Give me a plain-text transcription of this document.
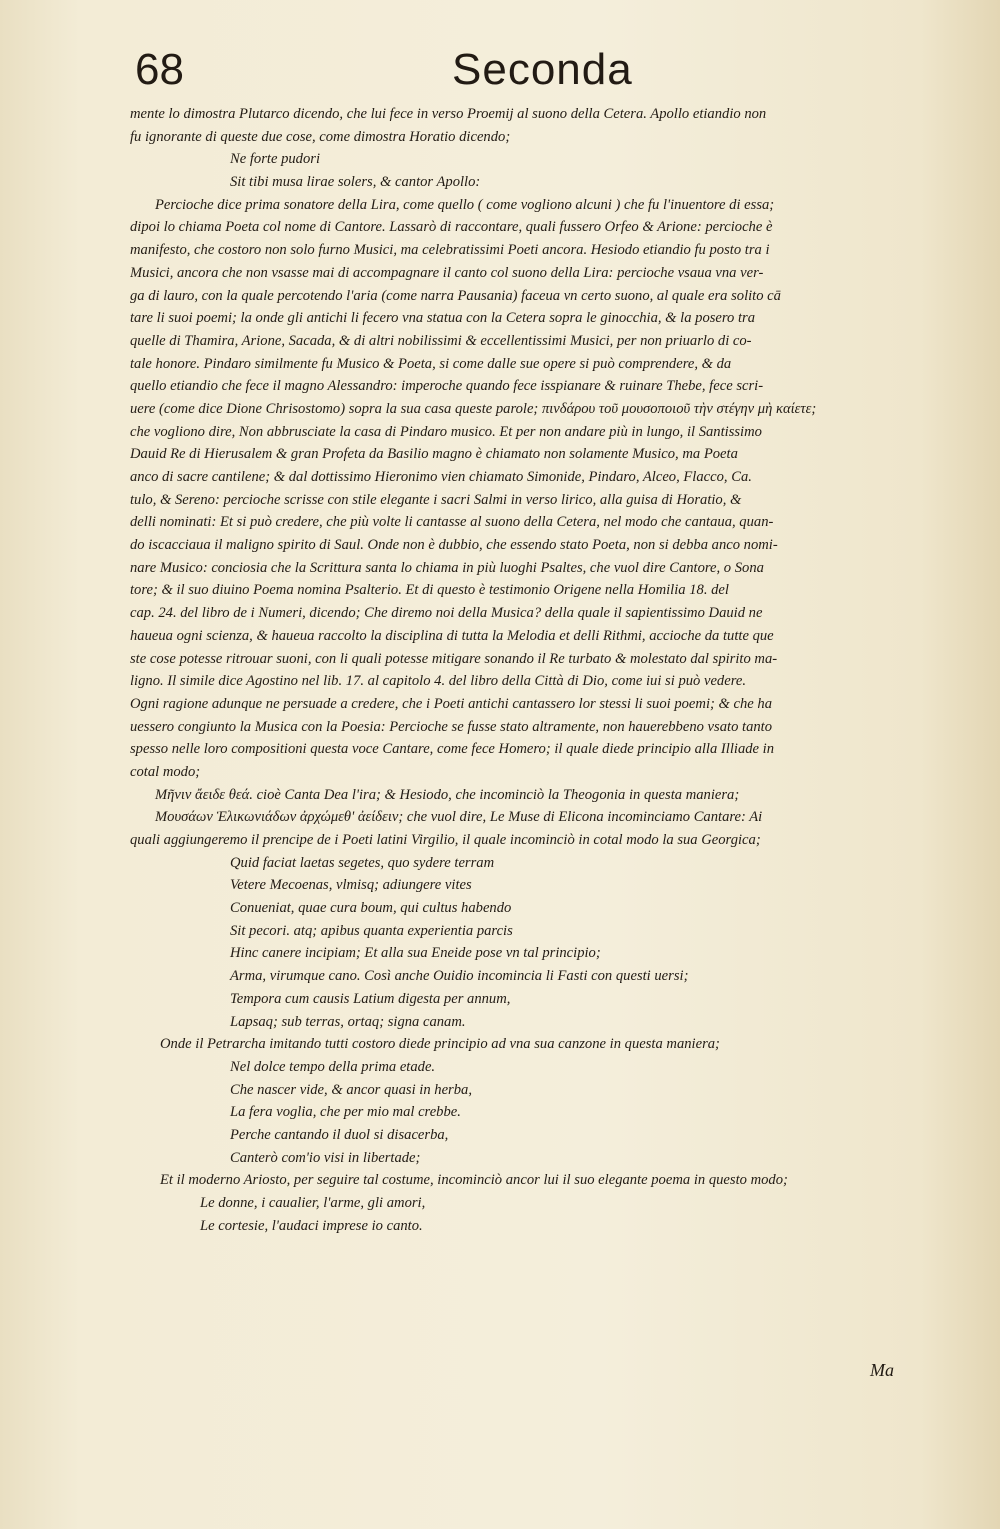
68	Seconda
mente lo dimostra Plutarco dicendo, che lui fece in verso Proemij al suono della Cetera. Apollo etiandio non
fu ignorante di queste due cose, come dimostra Horatio dicendo;
Ne forte pudori
Sit tibi musa lirae solers, & cantor Apollo:
Percioche dice prima sonatore della Lira, come quello ( come vogliono alcuni ) che fu l'inuentore di essa;
dipoi lo chiama Poeta col nome di Cantore. Lassarò di raccontare, quali fussero Orfeo & Arione: percioche è
manifesto, che costoro non solo furno Musici, ma celebratissimi Poeti ancora. Hesiodo etiandio fu posto tra i
Musici, ancora che non vsasse mai di accompagnare il canto col suono della Lira: percioche vsaua vna ver-
ga di lauro, con la quale percotendo l'aria (come narra Pausania) faceua vn certo suono, al quale era solito cā
tare li suoi poemi; la onde gli antichi li fecero vna statua con la Cetera sopra le ginocchia, & la posero tra
quelle di Thamira, Arione, Sacada, & di altri nobilissimi & eccellentissimi Musici, per non priuarlo di co-
tale honore. Pindaro similmente fu Musico & Poeta, si come dalle sue opere si può comprendere, & da
quello etiandio che fece il magno Alessandro: imperoche quando fece isspianare & ruinare Thebe, fece scri-
uere (come dice Dione Chrisostomo) sopra la sua casa queste parole; πινδάρου τοῦ μουσοποιοῦ τὴν στέγην μὴ καίετε;
che vogliono dire, Non abbrusciate la casa di Pindaro musico. Et per non andare più in lungo, il Santissimo
Dauid Re di Hierusalem & gran Profeta da Basilio magno è chiamato non solamente Musico, ma Poeta
anco di sacre cantilene; & dal dottissimo Hieronimo vien chiamato Simonide, Pindaro, Alceo, Flacco, Ca.
tulo, & Sereno: percioche scrisse con stile elegante i sacri Salmi in verso lirico, alla guisa di Horatio, &
delli nominati: Et si può credere, che più volte li cantasse al suono della Cetera, nel modo che cantaua, quan-
do iscacciaua il maligno spirito di Saul. Onde non è dubbio, che essendo stato Poeta, non si debba anco nomi-
nare Musico: conciosia che la Scrittura santa lo chiama in più luoghi Psaltes, che vuol dire Cantore, o Sona
tore; & il suo diuino Poema nomina Psalterio. Et di questo è testimonio Origene nella Homilia 18. del
cap. 24. del libro de i Numeri, dicendo; Che diremo noi della Musica? della quale il sapientissimo Dauid ne
haueua ogni scienza, & haueua raccolto la disciplina di tutta la Melodia et delli Rithmi, accioche da tutte que
ste cose potesse ritrouar suoni, con li quali potesse mitigare sonando il Re turbato & molestato dal spirito ma-
ligno. Il simile dice Agostino nel lib. 17. al capitolo 4. del libro della Città di Dio, come iui si può vedere.
Ogni ragione adunque ne persuade a credere, che i Poeti antichi cantassero lor stessi li suoi poemi; & che ha
uessero congiunto la Musica con la Poesia: Percioche se fusse stato altramente, non hauerebbeno vsato tanto
spesso nelle loro compositioni questa voce Cantare, come fece Homero; il quale diede principio alla Illiade in
cotal modo;
Μῆνιν ἄειδε θεά. cioè Canta Dea l'ira; & Hesiodo, che incominciò la Theogonia in questa maniera;
Μουσάων Ἑλικωνιάδων ἀρχώμεθ' ἀείδειν; che vuol dire, Le Muse di Elicona incominciamo Cantare: Ai
quali aggiungeremo il prencipe de i Poeti latini Virgilio, il quale incominciò in cotal modo la sua Georgica;
Quid faciat laetas segetes, quo sydere terram
Vetere Mecoenas, vlmisq; adiungere vites
Conueniat, quae cura boum, qui cultus habendo
Sit pecori. atq; apibus quanta experientia parcis
Hinc canere incipiam; Et alla sua Eneide pose vn tal principio;
Arma, virumque cano. Così anche Ouidio incomincia li Fasti con questi uersi;
Tempora cum causis Latium digesta per annum,
Lapsaq; sub terras, ortaq; signa canam.
Onde il Petrarcha imitando tutti costoro diede principio ad vna sua canzone in questa maniera;
Nel dolce tempo della prima etade.
Che nascer vide, & ancor quasi in herba,
La fera voglia, che per mio mal crebbe.
Perche cantando il duol si disacerba,
Canterò com'io visi in libertade;
Et il moderno Ariosto, per seguire tal costume, incominciò ancor lui il suo elegante poema in questo modo;
Le donne, i caualier, l'arme, gli amori,
Le cortesie, l'audaci imprese io canto.
Ma
